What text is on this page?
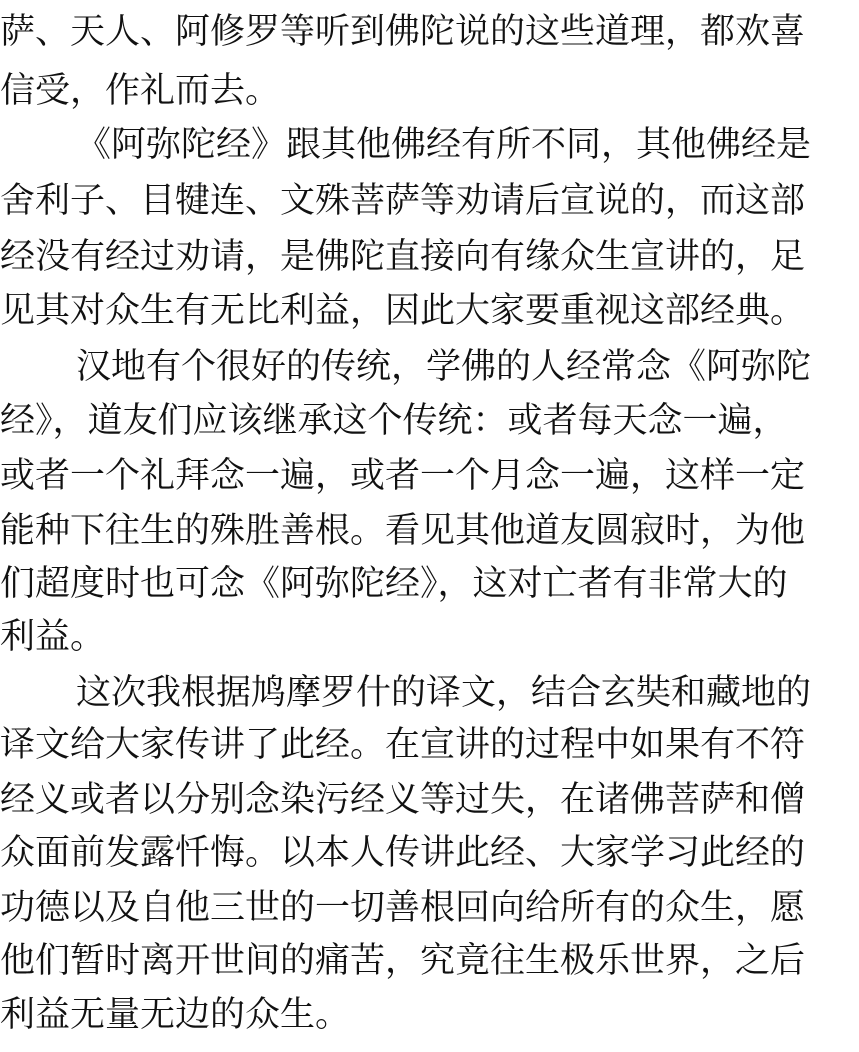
萨、天人、阿修罗等听到佛陀说的这些道理，都欢喜
信受，作礼而去。
《阿弥陀经》跟其他佛经有所不同，其他佛经是
舍利子、目犍连、文殊菩萨等劝请后宣说的，而这部
经没有经过劝请，是佛陀直接向有缘众生宣讲的，足
见其对众生有无比利益，因此大家要重视这部经典。
汉地有个很好的传统，学佛的人经常念《阿弥陀
经》，道友们应该继承这个传统：或者每天念一遍，
或者一个礼拜念一遍，或者一个月念一遍，这样一定
能种下往生的殊胜善根。看见其他道友圆寂时，为他
们超度时也可念《阿弥陀经》，这对亡者有非常大的
利益。
这次我根据鸠摩罗什的译文，结合玄奘和藏地的
译文给大家传讲了此经。在宣讲的过程中如果有不符
经义或者以分别念染污经义等过失，在诸佛菩萨和僧
众面前发露忏悔。以本人传讲此经、大家学习此经的
功德以及自他三世的一切善根回向给所有的众生，愿
他们暂时离开世间的痛苦，究竟往生极乐世界，之后
利益无量无边的众生。
